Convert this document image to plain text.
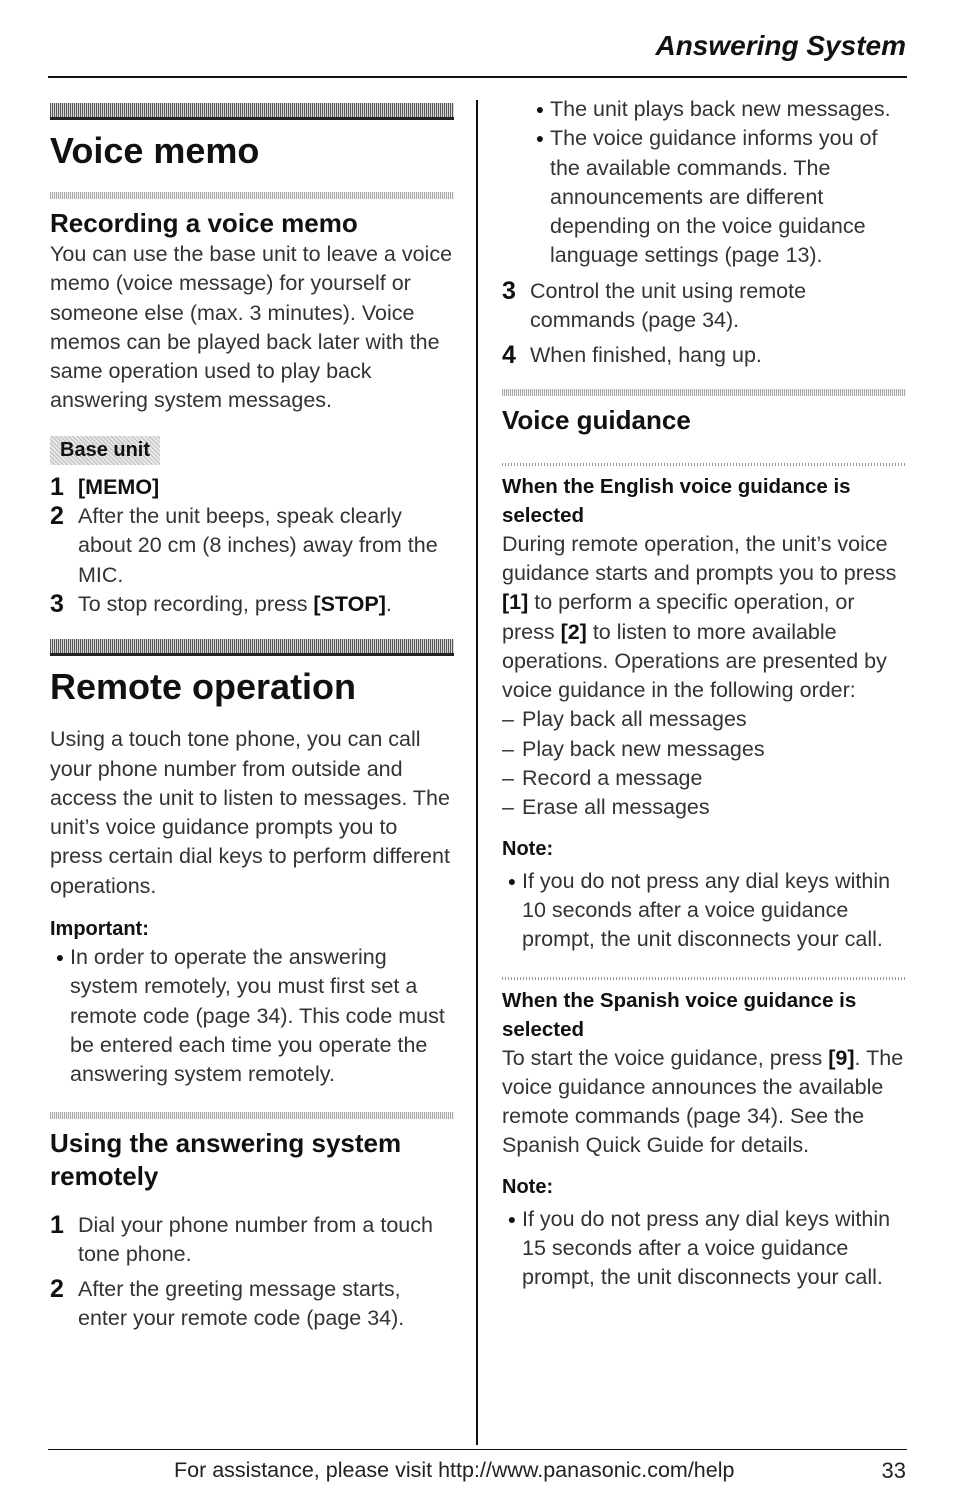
Answering System
Voice memo
Recording a voice memo

You can use the base unit to leave a voice memo (voice message) for yourself or someone else (max. 3 minutes). Voice memos can be played back later with the same operation used to play back answering system messages.

Base unit
1 [MEMO]
2 After the unit beeps, speak clearly about 20 cm (8 inches) away from the MIC.
3 To stop recording, press [STOP].
Remote operation

Using a touch tone phone, you can call your phone number from outside and access the unit to listen to messages. The unit’s voice guidance prompts you to press certain dial keys to perform different operations.

Important:

● In order to operate the answering system remotely, you must first set a remote code (page 34). This code must be entered each time you operate the answering system remotely.
Using the answering system remotely
1 Dial your phone number from a touch tone phone.
2 After the greeting message starts, enter your remote code (page 34).
● The unit plays back new messages.
● The voice guidance informs you of the available commands. The announcements are different depending on the voice guidance language settings (page 13).
3 Control the unit using remote commands (page 34).
4 When finished, hang up.
Voice guidance

When the English voice guidance is selected

During remote operation, the unit’s voice guidance starts and prompts you to press [1] to perform a specific operation, or press [2] to listen to more available operations. Operations are presented by voice guidance in the following order:

– Play back all messages
– Play back new messages
– Record a message
– Erase all messages

Note:

● If you do not press any dial keys within 10 seconds after a voice guidance prompt, the unit disconnects your call.

When the Spanish voice guidance is selected

To start the voice guidance, press [9]. The voice guidance announces the available remote commands (page 34). See the Spanish Quick Guide for details.

Note:

● If you do not press any dial keys within 15 seconds after a voice guidance prompt, the unit disconnects your call.
For assistance, please visit http://www.panasonic.com/help	33
